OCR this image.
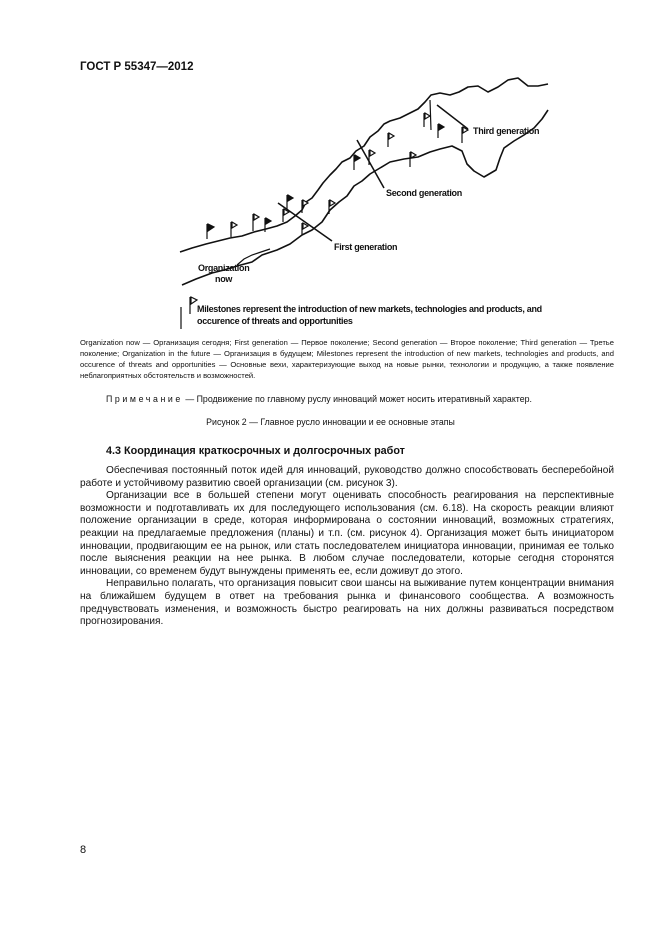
ГОСТ Р 55347—2012
Third generation
Second generation
First generation
Organization
now
Milestones represent the introduction of new markets, technologies and products, and occurence of threats and opportunities
Organization now — Организация сегодня; First generation — Первое поколение; Second generation — Второе поколение; Third generation — Третье поколение; Organization in the future — Организация в будущем; Milestones represent the introduction of new markets, technologies and products, and occurence of threats and opportunities — Основные вехи, характеризующие выход на новые рынки, технологии и продукцию, а также появление неблагоприятных обстоятельств и возможностей.
Примечание — Продвижение по главному руслу инноваций может носить итеративный характер.
Рисунок 2 — Главное русло инновации и ее основные этапы
4.3 Координация краткосрочных и долгосрочных работ

Обеспечивая постоянный поток идей для инноваций, руководство должно способствовать бесперебойной работе и устойчивому развитию своей организации (см. рисунок 3).

Организации все в большей степени могут оценивать способность реагирования на перспективные возможности и подготавливать их для последующего использования (см. 6.18). На скорость реакции влияют положение организации в среде, которая информирована о состоянии инноваций, возможных стратегиях, реакции на предлагаемые предложения (планы) и т.п. (см. рисунок 4). Организация может быть инициатором инновации, продвигающим ее на рынок, или стать последователем инициатора инновации, принимая ее только после выяснения реакции на нее рынка. В любом случае последователи, которые сегодня сторонятся инновации, со временем будут вынуждены применять ее, если доживут до этого.

Неправильно полагать, что организация повысит свои шансы на выживание путем концентрации внимания на ближайшем будущем в ответ на требования рынка и финансового сообщества. А возможность предчувствовать изменения, и возможность быстро реагировать на них должны развиваться посредством прогнозирования.

8
